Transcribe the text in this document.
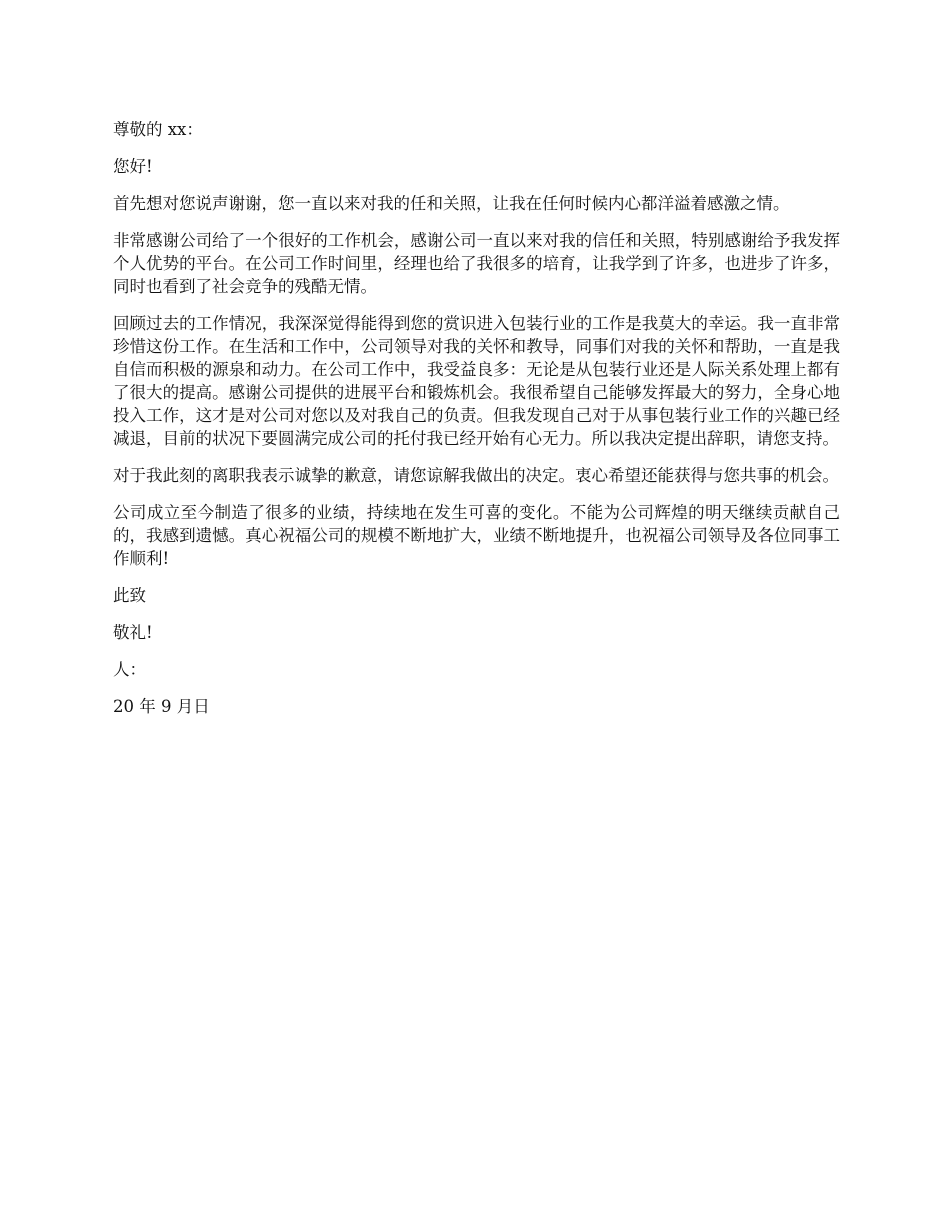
尊敬的 xx：

您好!

首先想对您说声谢谢，您一直以来对我的任和关照，让我在任何时候内心都洋溢着感激之情。

非常感谢公司给了一个很好的工作机会，感谢公司一直以来对我的信任和关照，特别感谢给予我发挥个人优势的平台。在公司工作时间里，经理也给了我很多的培育，让我学到了许多，也进步了许多，同时也看到了社会竞争的残酷无情。

回顾过去的工作情况，我深深觉得能得到您的赏识进入包装行业的工作是我莫大的幸运。我一直非常珍惜这份工作。在生活和工作中，公司领导对我的关怀和教导，同事们对我的关怀和帮助，一直是我自信而积极的源泉和动力。在公司工作中，我受益良多：无论是从包装行业还是人际关系处理上都有了很大的提高。感谢公司提供的进展平台和锻炼机会。我很希望自己能够发挥最大的努力，全身心地投入工作，这才是对公司对您以及对我自己的负责。但我发现自己对于从事包装行业工作的兴趣已经减退，目前的状况下要圆满完成公司的托付我已经开始有心无力。所以我决定提出辞职，请您支持。

对于我此刻的离职我表示诚挚的歉意，请您谅解我做出的决定。衷心希望还能获得与您共事的机会。

公司成立至今制造了很多的业绩，持续地在发生可喜的变化。不能为公司辉煌的明天继续贡献自己的，我感到遗憾。真心祝福公司的规模不断地扩大，业绩不断地提升，也祝福公司领导及各位同事工作顺利!

此致

敬礼!

人：

20 年 9 月日
